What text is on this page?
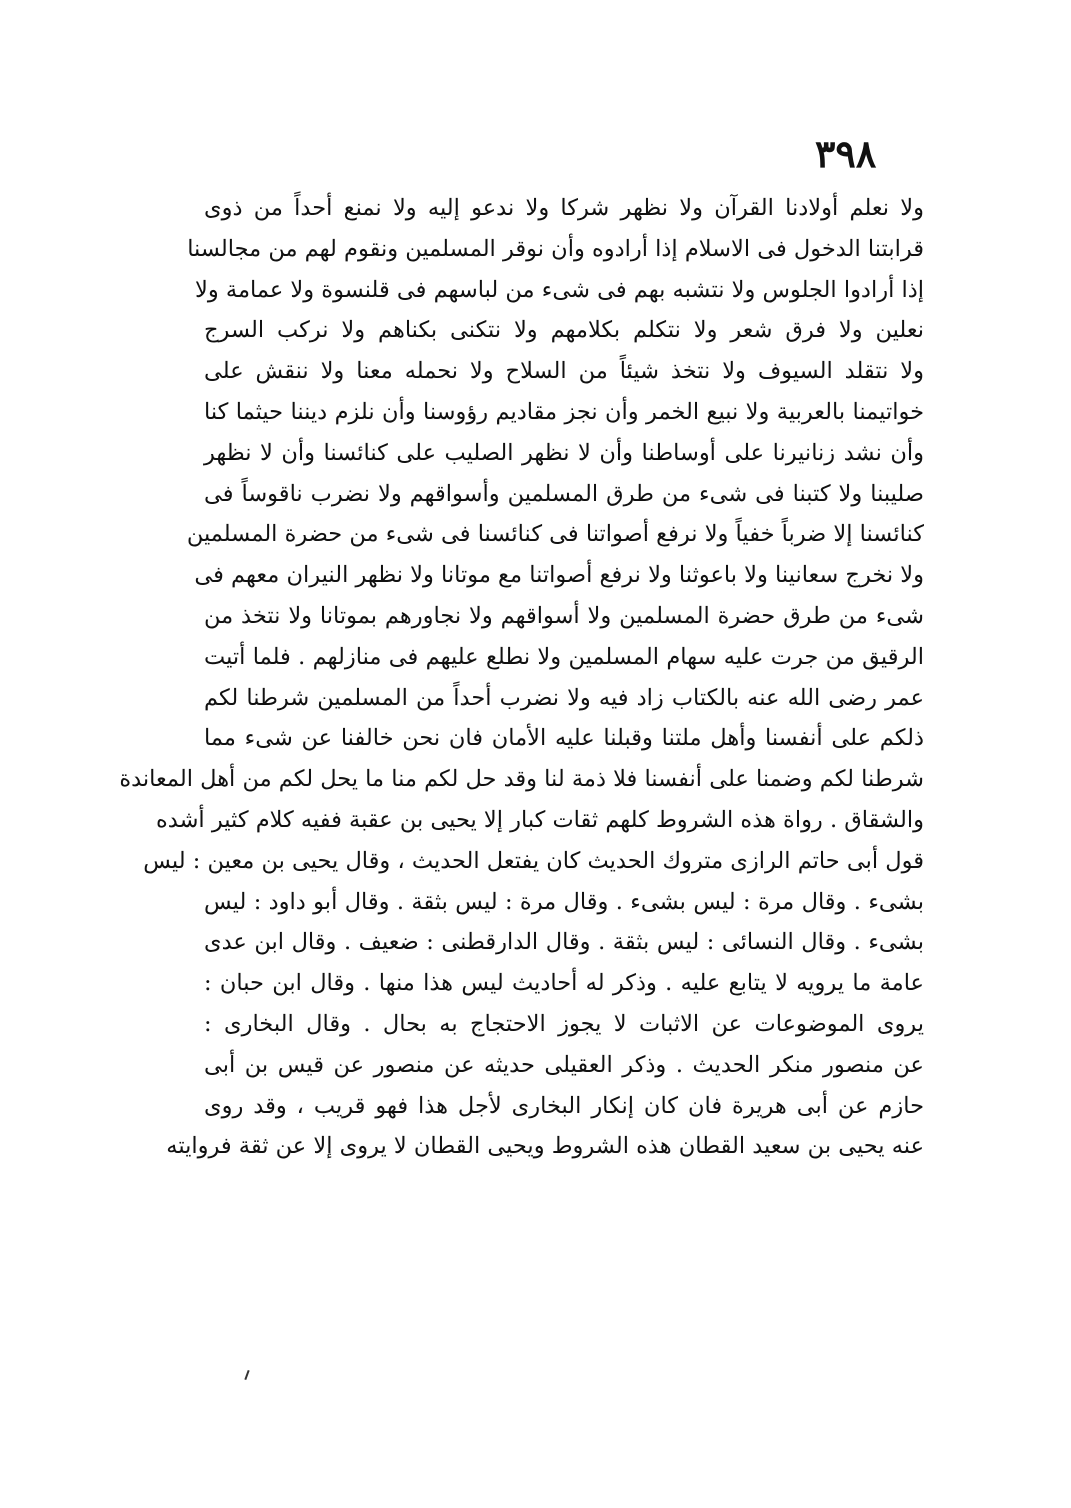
٣٩٨
ولا نعلم أولادنا القرآن ولا نظهر شركا ولا ندعو إليه ولا نمنع أحداً من ذوى
قرابتنا الدخول فى الاسلام إذا أرادوه وأن نوقر المسلمين ونقوم لهم من مجالسنا
إذا أرادوا الجلوس ولا نتشبه بهم فى شىء من لباسهم فى قلنسوة ولا عمامة ولا
نعلين ولا فرق شعر ولا نتكلم بكلامهم ولا نتكنى بكناهم ولا نركب السرج
ولا نتقلد السيوف ولا نتخذ شيئاً من السلاح ولا نحمله معنا ولا ننقش على
خواتيمنا بالعربية ولا نبيع الخمر وأن نجز مقاديم رؤوسنا وأن نلزم ديننا حيثما كنا
وأن نشد زنانيرنا على أوساطنا وأن لا نظهر الصليب على كنائسنا وأن لا نظهر
صليبنا ولا كتبنا فى شىء من طرق المسلمين وأسواقهم ولا نضرب ناقوساً فى
كنائسنا إلا ضرباً خفياً ولا نرفع أصواتنا فى كنائسنا فى شىء من حضرة المسلمين
ولا نخرج سعانينا ولا باعوثنا ولا نرفع أصواتنا مع موتانا ولا نظهر النيران معهم فى
شىء من طرق حضرة المسلمين ولا أسواقهم ولا نجاورهم بموتانا ولا نتخذ من
الرقيق من جرت عليه سهام المسلمين ولا نطلع عليهم فى منازلهم . فلما أتيت
عمر رضى الله عنه بالكتاب زاد فيه ولا نضرب أحداً من المسلمين شرطنا لكم
ذلكم على أنفسنا وأهل ملتنا وقبلنا عليه الأمان فان نحن خالفنا عن شىء مما
شرطنا لكم وضمنا على أنفسنا فلا ذمة لنا وقد حل لكم منا ما يحل لكم من أهل المعاندة
والشقاق . رواة هذه الشروط كلهم ثقات كبار إلا يحيى بن عقبة ففيه كلام كثير أشده
قول أبى حاتم الرازى متروك الحديث كان يفتعل الحديث ، وقال يحيى بن معين : ليس
بشىء . وقال مرة : ليس بشىء . وقال مرة : ليس بثقة . وقال أبو داود : ليس
بشىء . وقال النسائى : ليس بثقة . وقال الدارقطنى : ضعيف . وقال ابن عدى
عامة ما يرويه لا يتابع عليه . وذكر له أحاديث ليس هذا منها . وقال ابن حبان :
يروى الموضوعات عن الاثبات لا يجوز الاحتجاج به بحال . وقال البخارى :
عن منصور منكر الحديث . وذكر العقيلى حديثه عن منصور عن قيس بن أبى
حازم عن أبى هريرة فان كان إنكار البخارى لأجل هذا فهو قريب ، وقد روى
عنه يحيى بن سعيد القطان هذه الشروط ويحيى القطان لا يروى إلا عن ثقة فروايته
